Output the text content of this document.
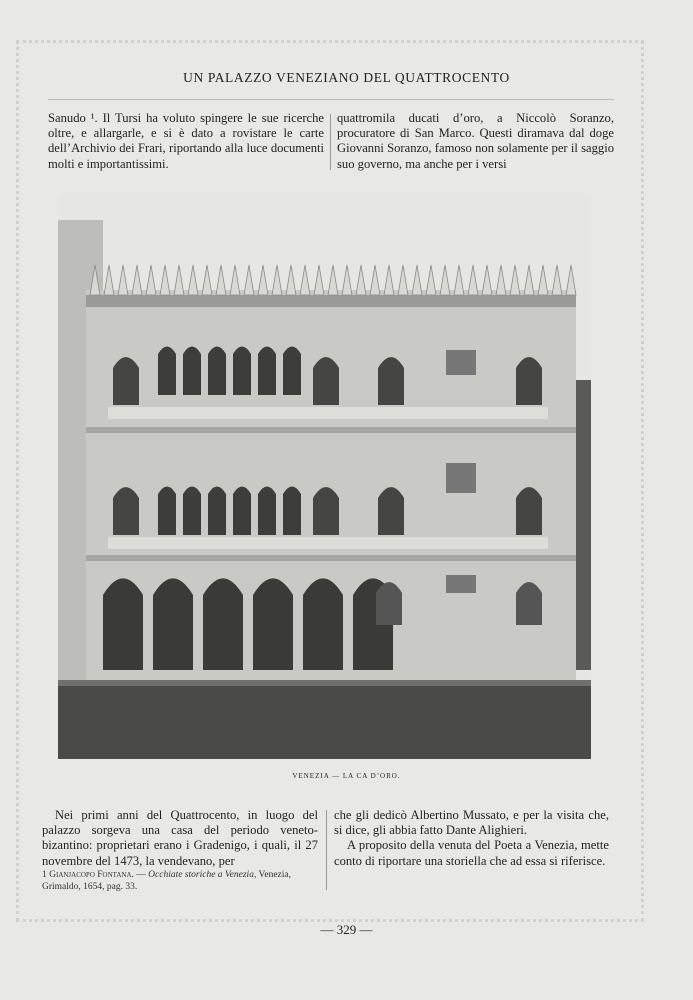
UN PALAZZO VENEZIANO DEL QUATTROCENTO

Sanudo ¹. Il Tursi ha voluto spingere le sue ricerche oltre, e allargarle, e si è dato a rovistare le carte dell’Archivio dei Frari, riportando alla luce documenti molti e importantissimi.

quattromila ducati d’oro, a Niccolò Soranzo, procuratore di San Marco. Questi diramava dal doge Giovanni Soranzo, famoso non solamente per il saggio suo governo, ma anche per i versi

VENEZIA — LA CA D’ORO.

Nei primi anni del Quattrocento, in luogo del palazzo sorgeva una casa del periodo veneto-bizantino: proprietari erano i Gradenigo, i quali, il 27 novembre del 1473, la vendevano, per

che gli dedicò Albertino Mussato, e per la visita che, si dice, gli abbia fatto Dante Alighieri.

A proposito della venuta del Poeta a Venezia, mette conto di riportare una storiella che ad essa si riferisce.

1 Gianjacopo Fontana. — Occhiate storiche a Venezia, Venezia, Grimaldo, 1654, pag. 33.
— 329 —
